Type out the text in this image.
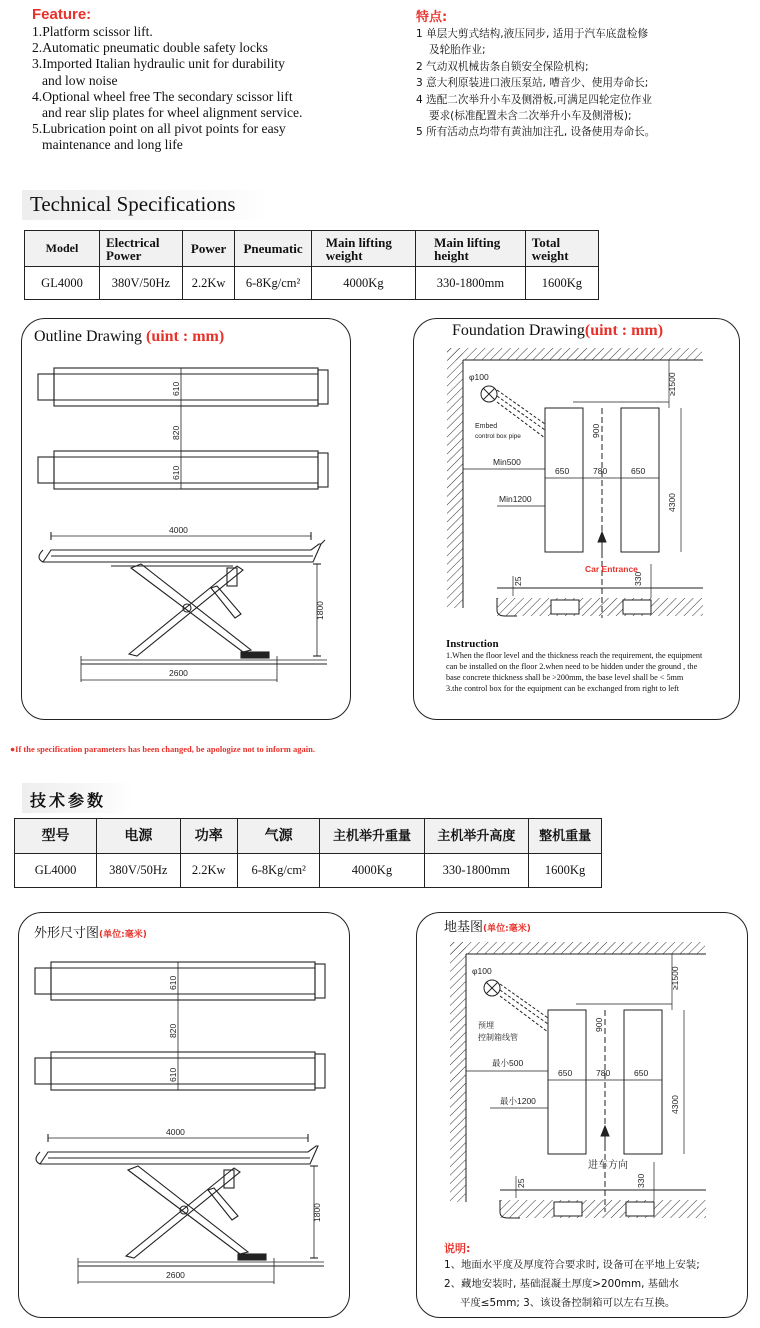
Feature:
1.Platform scissor lift.
2.Automatic pneumatic double safety locks
3.Imported Italian hydraulic unit for durability
and low noise
4.Optional wheel free The secondary scissor lift
and rear slip plates for wheel alignment service.
5.Lubrication point on all pivot points for easy
maintenance and long life
特点:
1 单层大剪式结构,液压同步, 适用于汽车底盘检修
及轮胎作业;
2 气动双机械齿条自锁安全保险机构;
3 意大利原装进口液压泵站, 嘈音少、使用寿命长;
4 选配二次举升小车及侧滑板,可满足四轮定位作业
要求(标准配置未含二次举升小车及侧滑板);
5 所有活动点均带有黄油加注孔, 设备使用寿命长。
Technical Specifications
Model	Electrical Power	Power	Pneumatic	Main lifting weight	Main lifting height	Total weight
GL4000	380V/50Hz	2.2Kw	6-8Kg/cm²	4000Kg	330-1800mm	1600Kg
Outline Drawing (uint : mm)
610
820
610
4000
1800
2600
Foundation Drawing(uint : mm)
φ100
Embed
control box pipe
≥1500
900
Min500
650	780	650
Min1200	4300
Car Entrance
25	330
Instruction
1.When the floor level and the thickness reach the requirement, the equipment
can be installed on the floor 2.when need to be hidden under the ground , the
base concrete thickness shall be >200mm, the base level shall be < 5mm
3.the control box for the equipment can be exchanged from right to left
●If the specification parameters has been changed, be apologize not to inform again.
技术参数
型号	电源	功率	气源	主机举升重量	主机举升高度	整机重量
GL4000	380V/50Hz	2.2Kw	6-8Kg/cm²	4000Kg	330-1800mm	1600Kg
外形尺寸图(单位:毫米)
610
820
610
4000
1800
2600
地基图(单位:毫米)
φ100
预埋
控制箱线管
≥1500
900
最小500
650	780	650
最小1200	4300
进车方向
25	330
说明:
1、地面水平度及厚度符合要求时, 设备可在平地上安装;
2、藏地安装时, 基础混凝土厚度>200mm, 基础水
平度≤5mm; 3、该设备控制箱可以左右互换。
